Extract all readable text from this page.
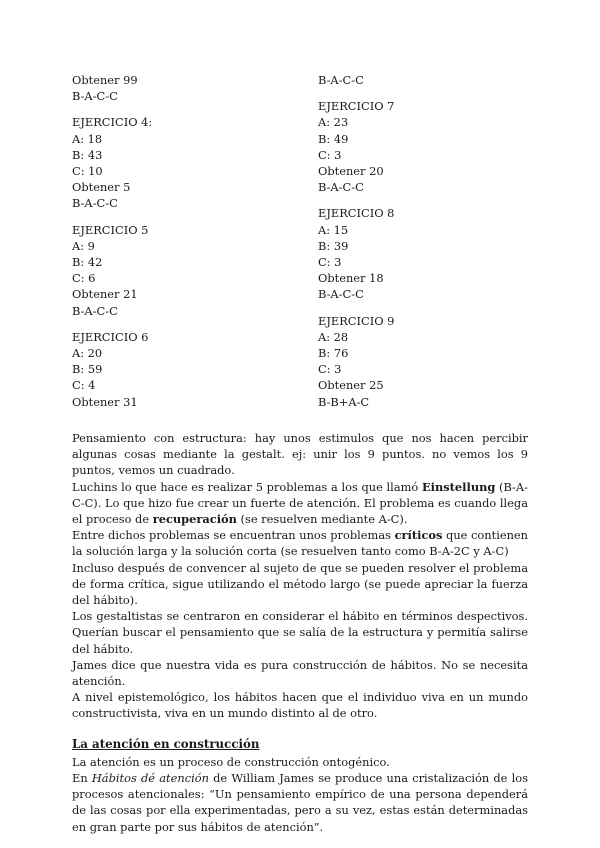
Obtener 99
B-A-C-C
EJERCICIO 4:
A: 18
B: 43
C: 10
Obtener 5
B-A-C-C
EJERCICIO 5
A: 9
B: 42
C: 6
Obtener 21
B-A-C-C
EJERCICIO 6
A: 20
B: 59
C: 4
Obtener 31
B-A-C-C
EJERCICIO 7
A: 23
B: 49
C: 3
Obtener 20
B-A-C-C
EJERCICIO 8
A: 15
B: 39
C: 3
Obtener 18
B-A-C-C
EJERCICIO 9
A: 28
B: 76
C: 3
Obtener 25
B-B+A-C

Pensamiento con estructura: hay unos estimulos que nos hacen percibir algunas cosas mediante la gestalt. ej: unir los 9 puntos. no vemos los 9 puntos, vemos un cuadrado.

Luchins lo que hace es realizar 5 problemas a los que llamó Einstellung (B-A-C-C). Lo que hizo fue crear un fuerte de atención. El problema es cuando llega el proceso de recuperación (se resuelven mediante A-C).

Entre dichos problemas se encuentran unos problemas críticos que contienen la solución larga y la solución corta (se resuelven tanto como B-A-2C y A-C)

Incluso después de convencer al sujeto de que se pueden resolver el problema de forma crítica, sigue utilizando el método largo (se puede apreciar la fuerza del hábito).

Los gestaltistas se centraron en considerar el hábito en términos despectivos. Querían buscar el pensamiento que se salía de la estructura y permitía salirse del hábito.

James dice que nuestra vida es pura construcción de hábitos. No se necesita atención.

A nivel epistemológico, los hábitos hacen que el individuo viva en un mundo constructivista, viva en un mundo distinto al de otro.

La atención en construcción

La atención es un proceso de construcción ontogénico.

En Hábitos dé atención de William James se produce una cristalización de los procesos atencionales: “Un pensamiento empírico de una persona dependerá de las cosas por ella experimentadas, pero a su vez, estas están determinadas en gran parte por sus hábitos de atención”.
